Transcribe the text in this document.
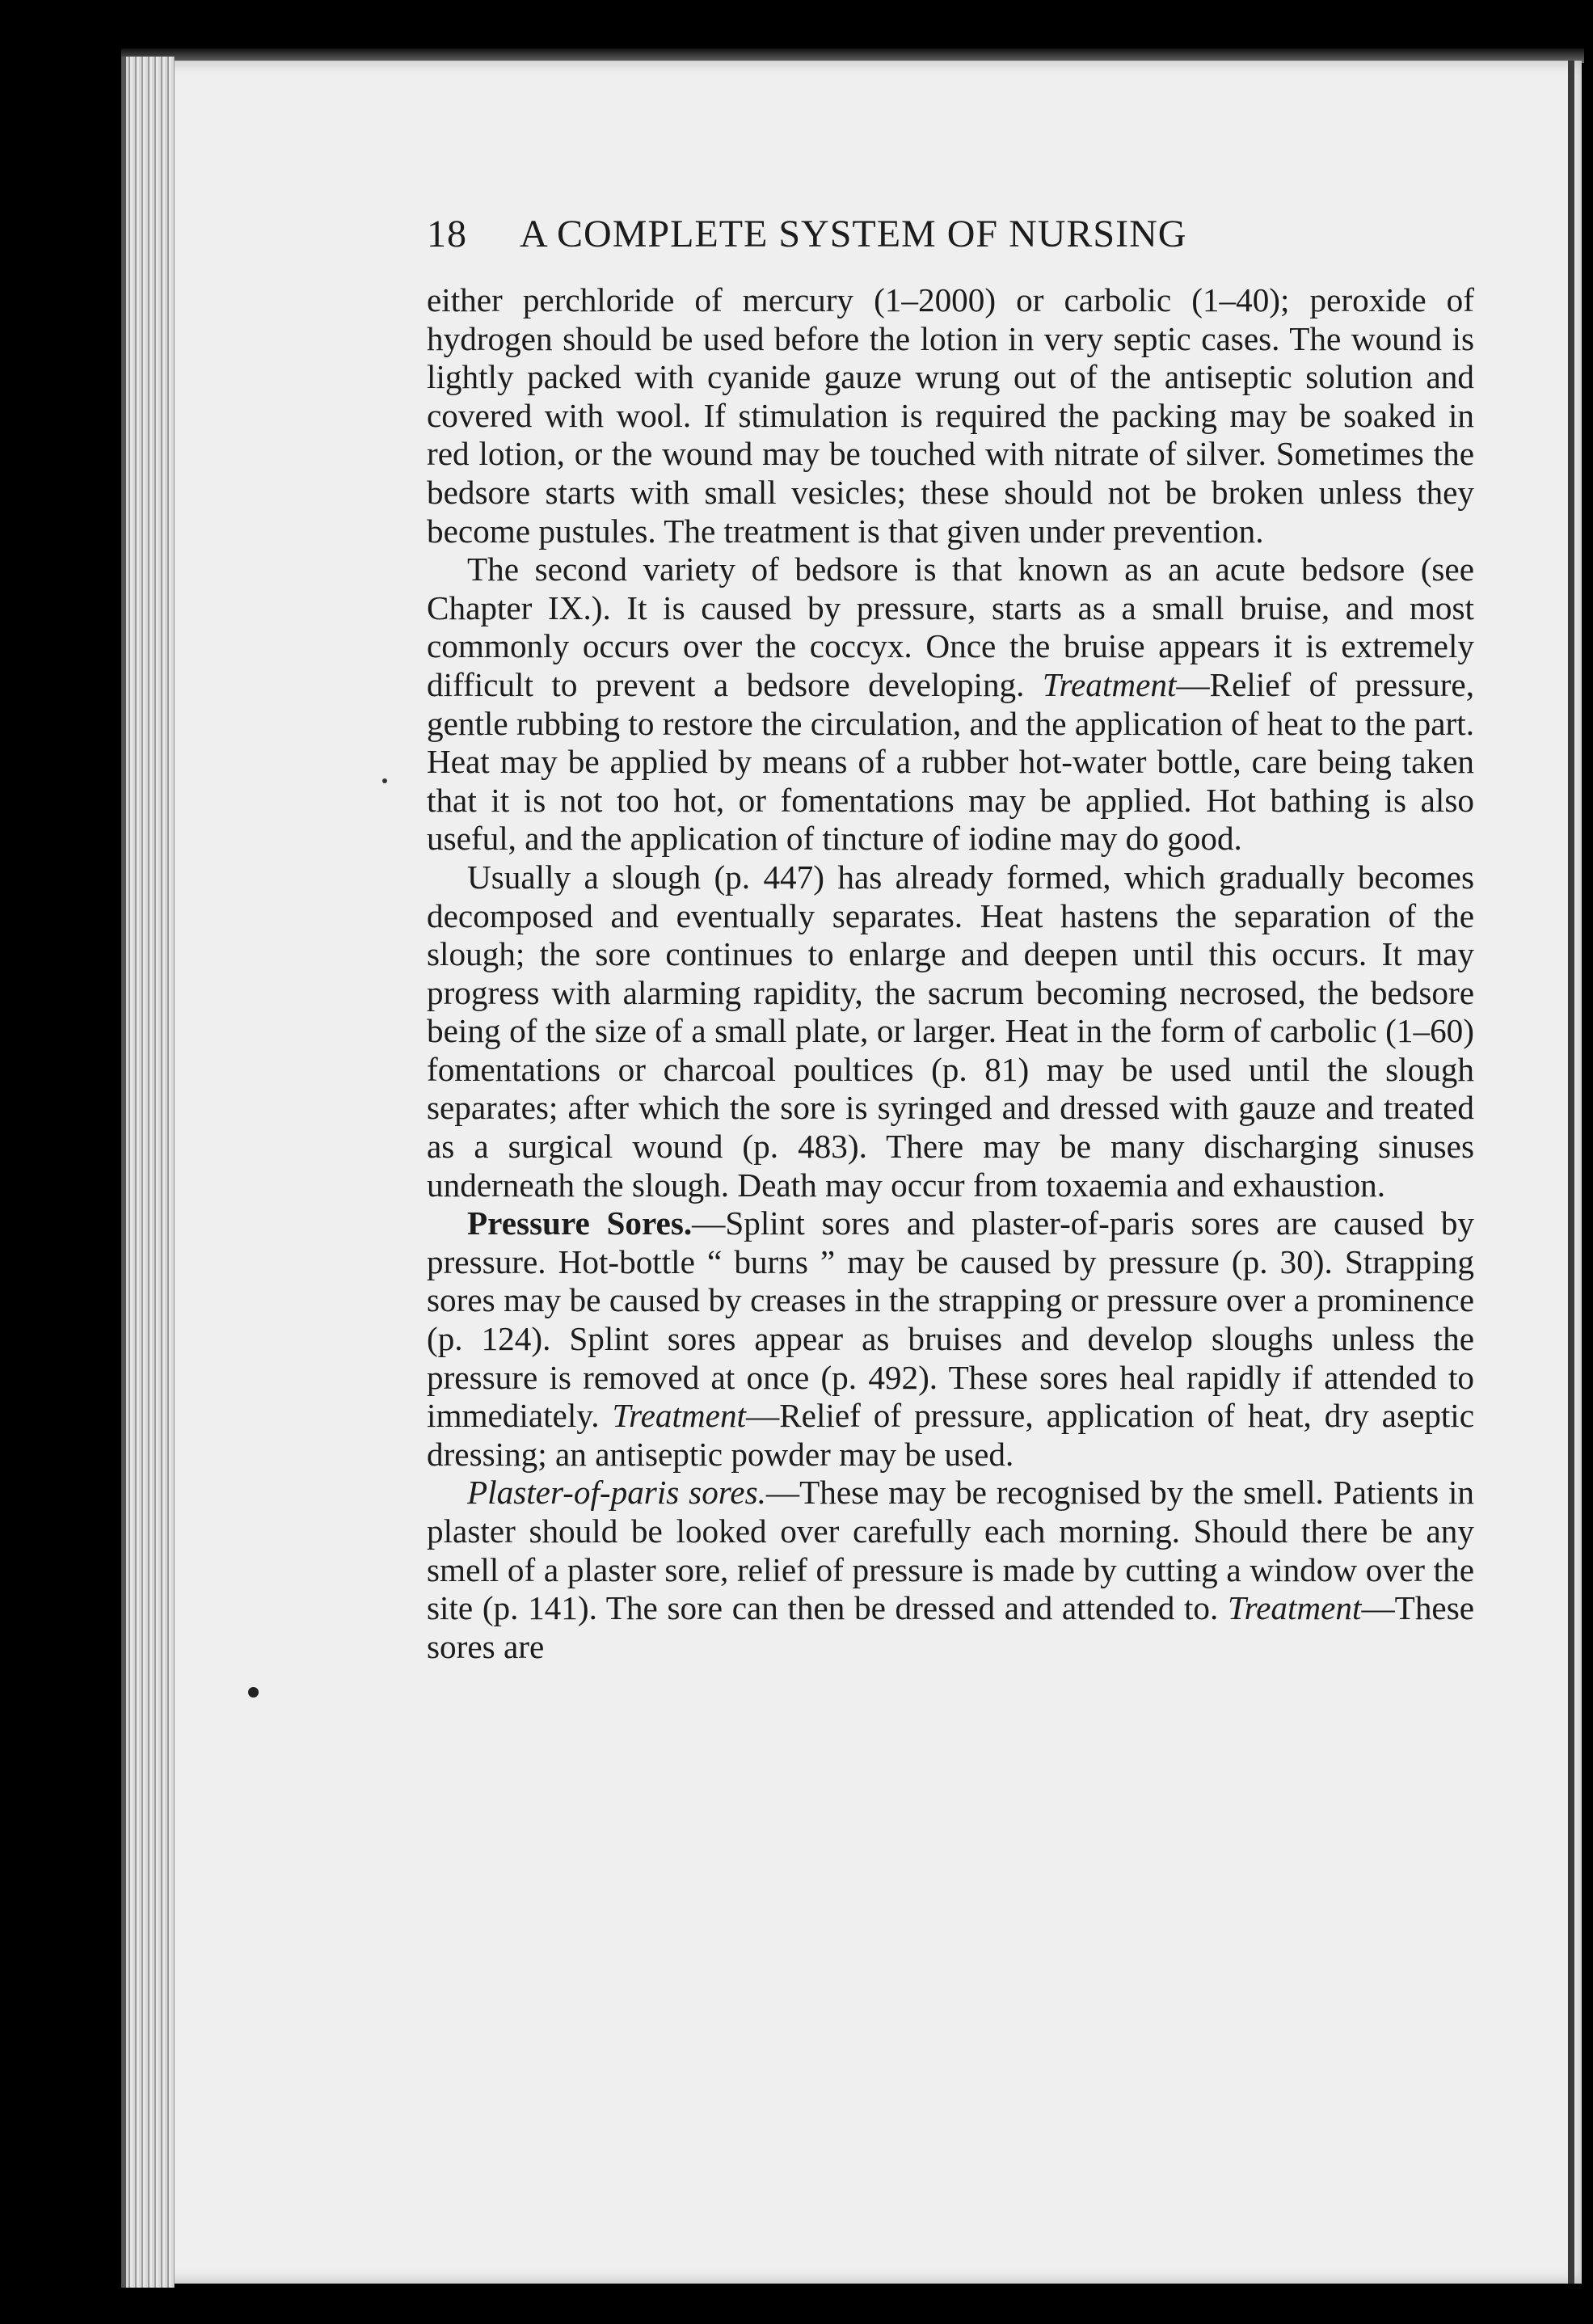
18	A COMPLETE SYSTEM OF NURSING

either perchloride of mercury (1–2000) or carbolic (1–40); peroxide of hydrogen should be used before the lotion in very septic cases. The wound is lightly packed with cyanide gauze wrung out of the antiseptic solution and covered with wool. If stimulation is required the packing may be soaked in red lotion, or the wound may be touched with nitrate of silver. Sometimes the bedsore starts with small vesicles; these should not be broken unless they become pustules. The treatment is that given under prevention.

The second variety of bedsore is that known as an acute bedsore (see Chapter IX.). It is caused by pressure, starts as a small bruise, and most commonly occurs over the coccyx. Once the bruise appears it is extremely difficult to prevent a bedsore developing. Treatment—Relief of pressure, gentle rubbing to restore the circulation, and the application of heat to the part. Heat may be applied by means of a rubber hot-water bottle, care being taken that it is not too hot, or fomentations may be applied. Hot bathing is also useful, and the application of tincture of iodine may do good.

Usually a slough (p. 447) has already formed, which gradually becomes decomposed and eventually separates. Heat hastens the separation of the slough; the sore continues to enlarge and deepen until this occurs. It may progress with alarming rapidity, the sacrum becoming necrosed, the bedsore being of the size of a small plate, or larger. Heat in the form of carbolic (1–60) fomentations or charcoal poultices (p. 81) may be used until the slough separates; after which the sore is syringed and dressed with gauze and treated as a surgical wound (p. 483). There may be many discharging sinuses underneath the slough. Death may occur from toxaemia and exhaustion.

Pressure Sores.—Splint sores and plaster-of-paris sores are caused by pressure. Hot-bottle “ burns ” may be caused by pressure (p. 30). Strapping sores may be caused by creases in the strapping or pressure over a prominence (p. 124). Splint sores appear as bruises and develop sloughs unless the pressure is removed at once (p. 492). These sores heal rapidly if attended to immediately. Treatment—Relief of pressure, application of heat, dry aseptic dressing; an antiseptic powder may be used.

Plaster-of-paris sores.—These may be recognised by the smell. Patients in plaster should be looked over carefully each morning. Should there be any smell of a plaster sore, relief of pressure is made by cutting a window over the site (p. 141). The sore can then be dressed and attended to. Treatment—These sores are
